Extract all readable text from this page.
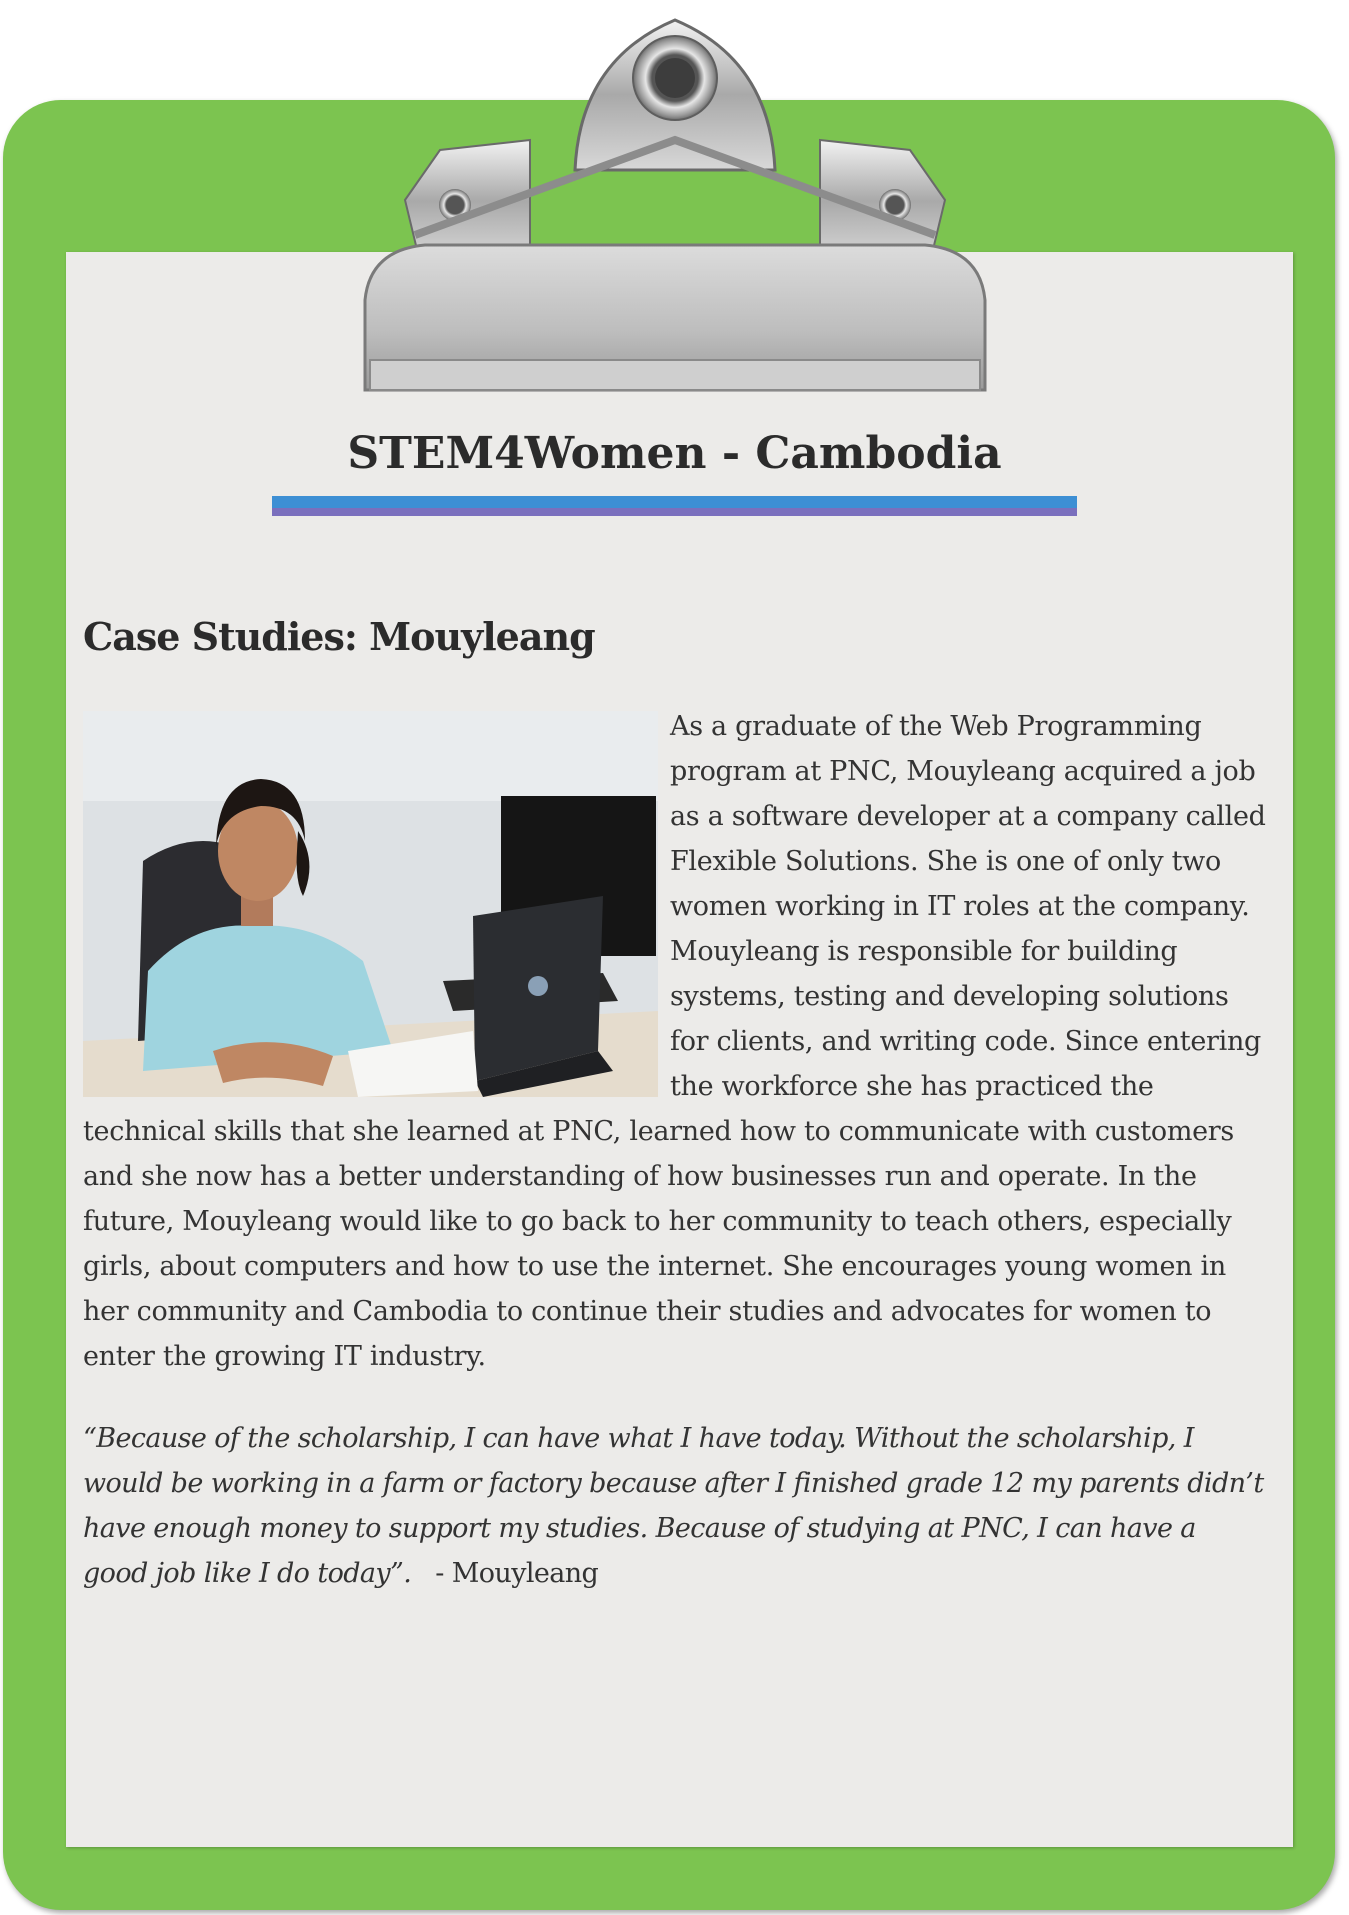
STEM4Women - Cambodia
Case Studies: Mouyleang

As a graduate of the Web Programming program at PNC, Mouyleang acquired a job as a software developer at a company called Flexible Solutions. She is one of only two women working in IT roles at the company. Mouyleang is responsible for building systems, testing and developing solutions for clients, and writing code. Since entering the workforce she has practiced the technical skills that she learned at PNC, learned how to communicate with customers and she now has a better understanding of how businesses run and operate. In the future, Mouyleang would like to go back to her community to teach others, especially girls, about computers and how to use the internet. She encourages young women in her community and Cambodia to continue their studies and advocates for women to enter the growing IT industry.

“Because of the scholarship, I can have what I have today. Without the scholarship, I would be working in a farm or factory because after I finished grade 12 my parents didn’t have enough money to support my studies. Because of studying at PNC, I can have a good job like I do today”.   - Mouyleang
